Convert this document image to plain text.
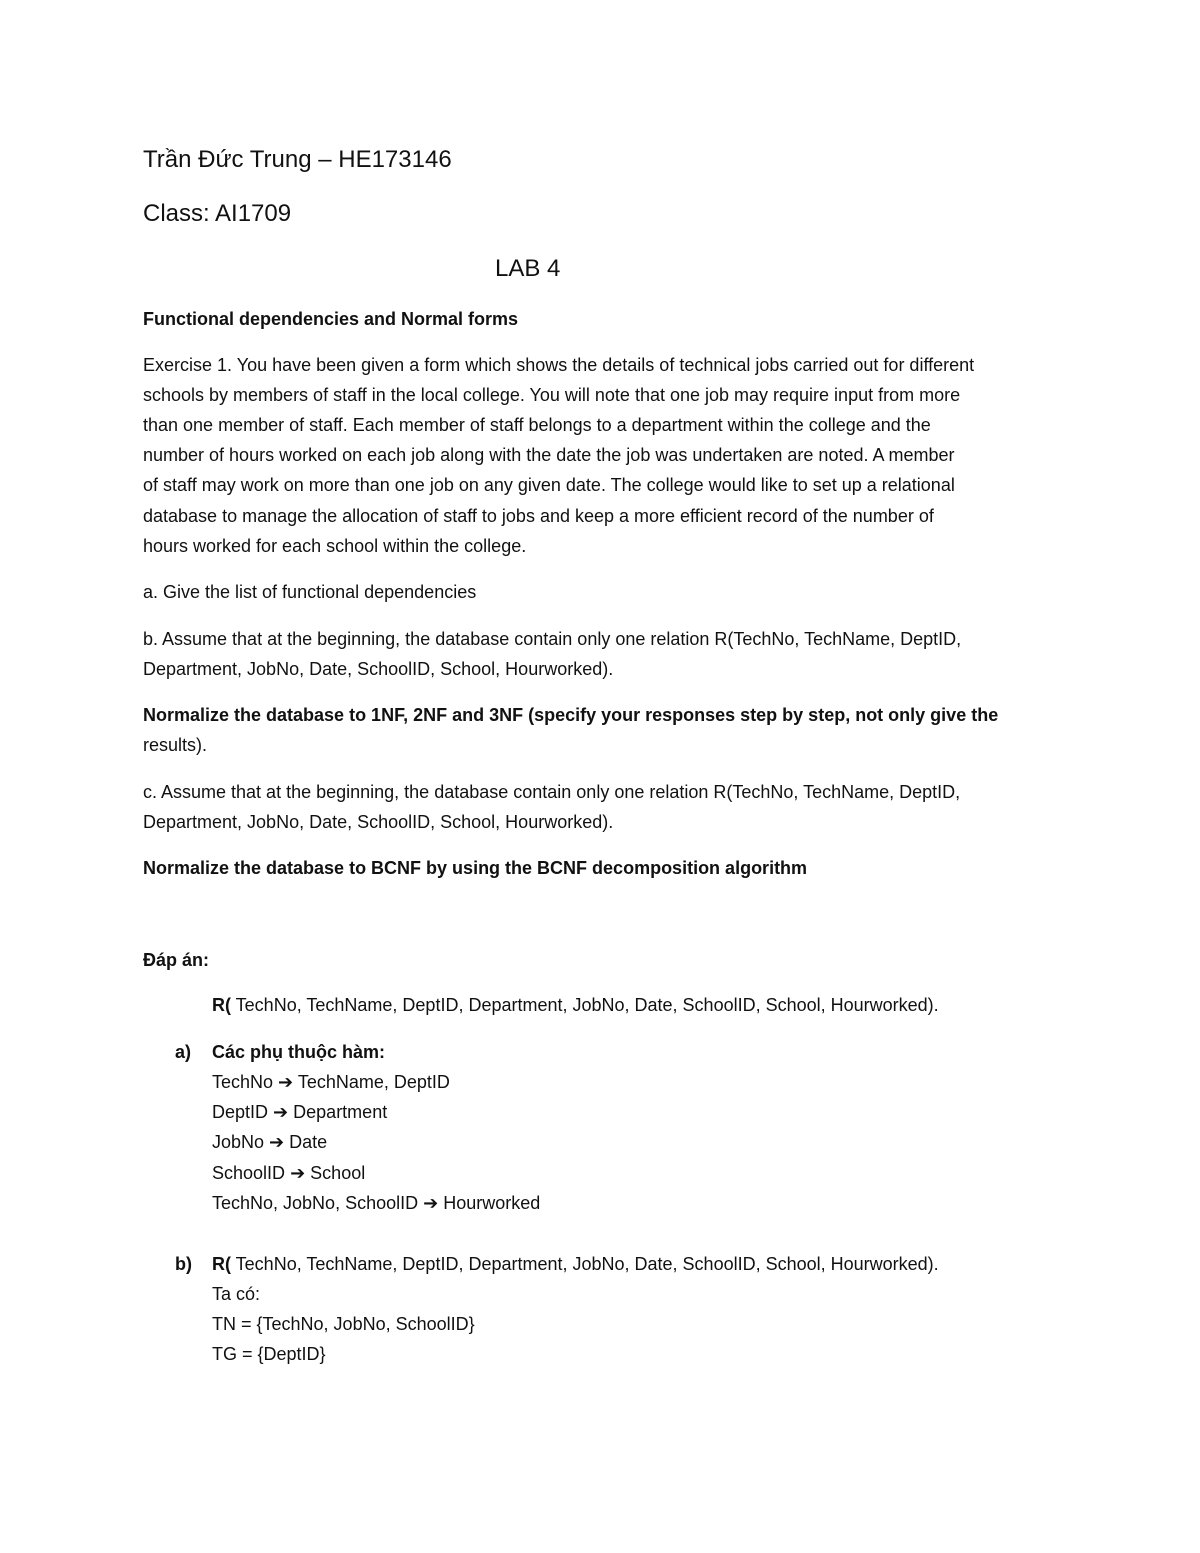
Trần Đức Trung – HE173146
Class: AI1709
LAB 4
Functional dependencies and Normal forms
Exercise 1. You have been given a form which shows the details of technical jobs carried out for different
schools by members of staff in the local college. You will note that one job may require input from more
than one member of staff. Each member of staff belongs to a department within the college and the
number of hours worked on each job along with the date the job was undertaken are noted. A member
of staff may work on more than one job on any given date. The college would like to set up a relational
database to manage the allocation of staff to jobs and keep a more efficient record of the number of
hours worked for each school within the college.
a. Give the list of functional dependencies
b. Assume that at the beginning, the database contain only one relation R(TechNo, TechName, DeptID,
Department, JobNo, Date, SchoolID, School, Hourworked).
Normalize the database to 1NF, 2NF and 3NF (specify your responses step by step, not only give the
results).
c. Assume that at the beginning, the database contain only one relation R(TechNo, TechName, DeptID,
Department, JobNo, Date, SchoolID, School, Hourworked).
Normalize the database to BCNF by using the BCNF decomposition algorithm
Đáp án:
R( TechNo, TechName, DeptID, Department, JobNo, Date, SchoolID, School, Hourworked).
a) Các phụ thuộc hàm:
TechNo ➔ TechName, DeptID
DeptID ➔ Department
JobNo ➔ Date
SchoolID ➔ School
TechNo, JobNo, SchoolID ➔ Hourworked
b) R( TechNo, TechName, DeptID, Department, JobNo, Date, SchoolID, School, Hourworked).
Ta có:
TN = {TechNo, JobNo, SchoolID}
TG = {DeptID}
